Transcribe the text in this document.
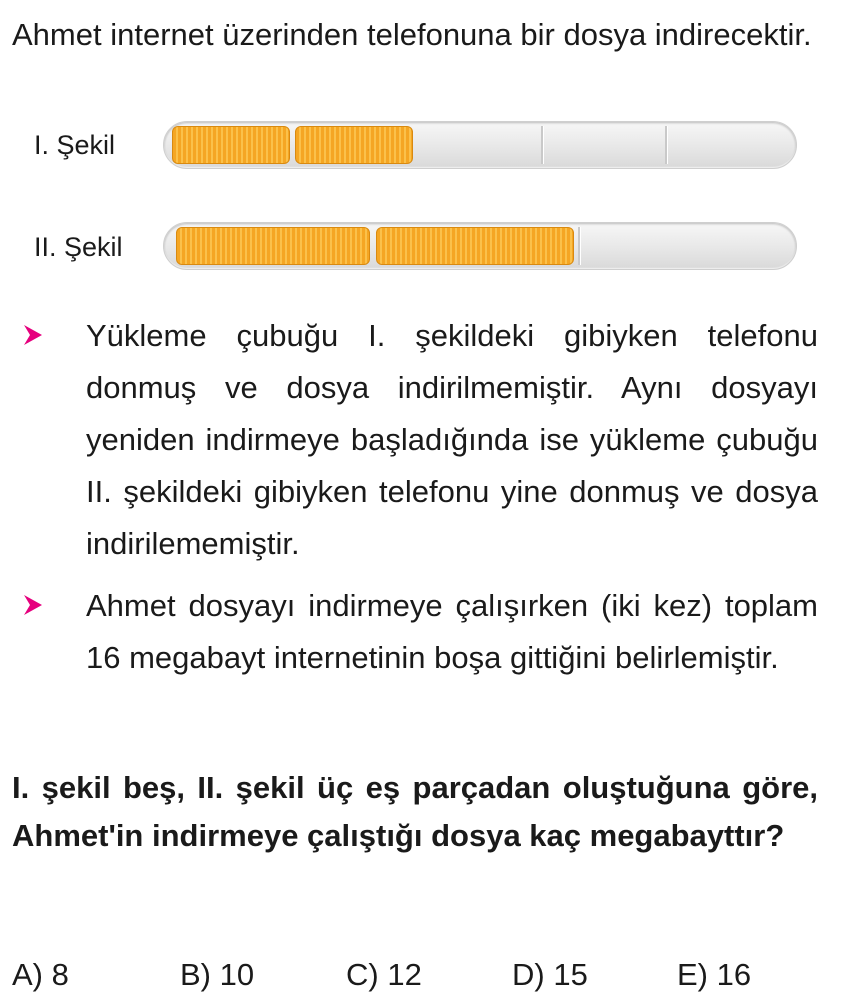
Ahmet internet üzerinden telefonuna bir dosya indirecektir.

I. Şekil
II. Şekil

Yükleme çubuğu I. şekildeki gibiyken telefonu donmuş ve dosya indirilmemiştir. Aynı dosyayı yeniden indirmeye başladığında ise yükleme çubuğu II. şekildeki gibiyken telefonu yine donmuş ve dosya indirilememiştir.

Ahmet dosyayı indirmeye çalışırken (iki kez) toplam 16 megabayt internetinin boşa gittiğini belirlemiştir.

I. şekil beş, II. şekil üç eş parçadan oluştuğuna göre, Ahmet'in indirmeye çalıştığı dosya kaç megabayttır?

A) 8	B) 10	C) 12	D) 15	E) 16
